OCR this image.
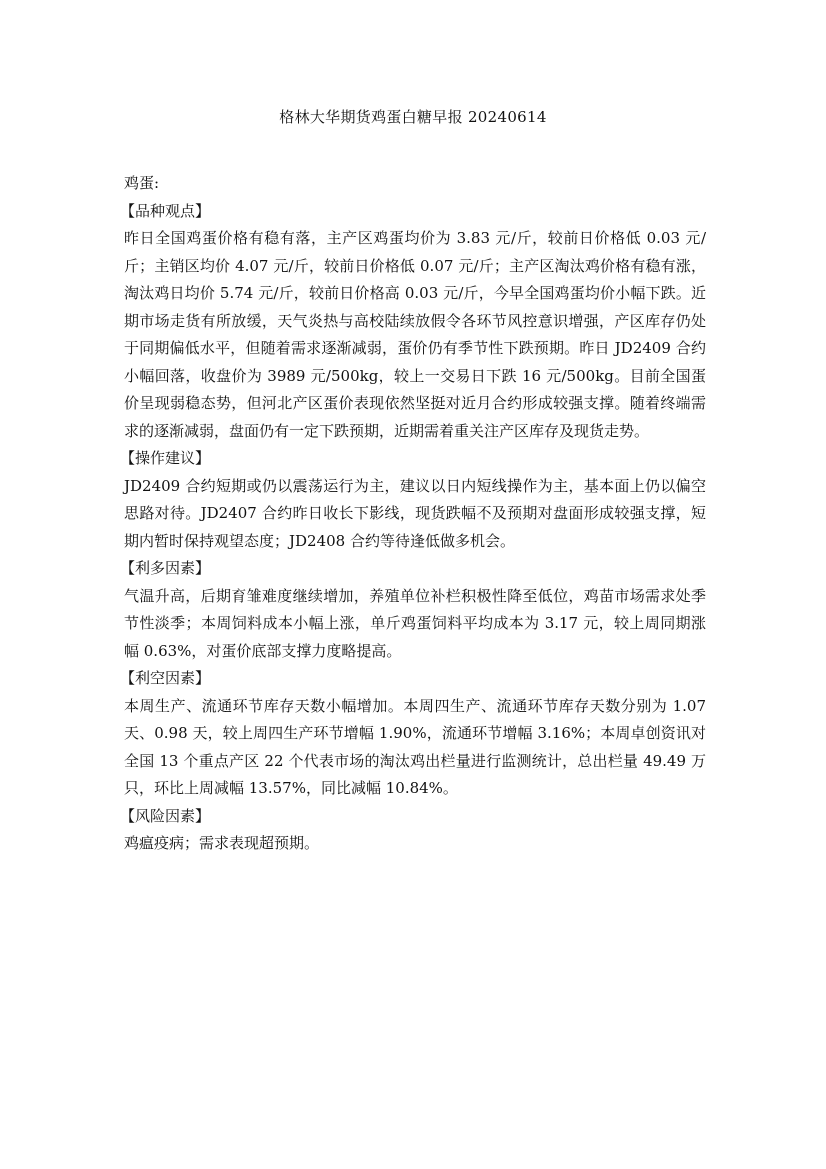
格林大华期货鸡蛋白糖早报 20240614

鸡蛋:

【品种观点】

昨日全国鸡蛋价格有稳有落，主产区鸡蛋均价为 3.83 元/斤，较前日价格低 0.03 元/斤；主销区均价 4.07 元/斤，较前日价格低 0.07 元/斤；主产区淘汰鸡价格有稳有涨，淘汰鸡日均价 5.74 元/斤，较前日价格高 0.03 元/斤，今早全国鸡蛋均价小幅下跌。近期市场走货有所放缓，天气炎热与高校陆续放假令各环节风控意识增强，产区库存仍处于同期偏低水平，但随着需求逐渐减弱，蛋价仍有季节性下跌预期。昨日 JD2409 合约小幅回落，收盘价为 3989 元/500kg，较上一交易日下跌 16 元/500kg。目前全国蛋价呈现弱稳态势，但河北产区蛋价表现依然坚挺对近月合约形成较强支撑。随着终端需求的逐渐减弱，盘面仍有一定下跌预期，近期需着重关注产区库存及现货走势。

【操作建议】

JD2409 合约短期或仍以震荡运行为主，建议以日内短线操作为主，基本面上仍以偏空思路对待。JD2407 合约昨日收长下影线，现货跌幅不及预期对盘面形成较强支撑，短期内暂时保持观望态度；JD2408 合约等待逢低做多机会。

【利多因素】

气温升高，后期育雏难度继续增加，养殖单位补栏积极性降至低位，鸡苗市场需求处季节性淡季；本周饲料成本小幅上涨，单斤鸡蛋饲料平均成本为 3.17 元，较上周同期涨幅 0.63%，对蛋价底部支撑力度略提高。

【利空因素】

本周生产、流通环节库存天数小幅增加。本周四生产、流通环节库存天数分别为 1.07 天、0.98 天，较上周四生产环节增幅 1.90%，流通环节增幅 3.16%；本周卓创资讯对全国 13 个重点产区 22 个代表市场的淘汰鸡出栏量进行监测统计，总出栏量 49.49 万只，环比上周减幅 13.57%，同比减幅 10.84%。

【风险因素】

鸡瘟疫病；需求表现超预期。
